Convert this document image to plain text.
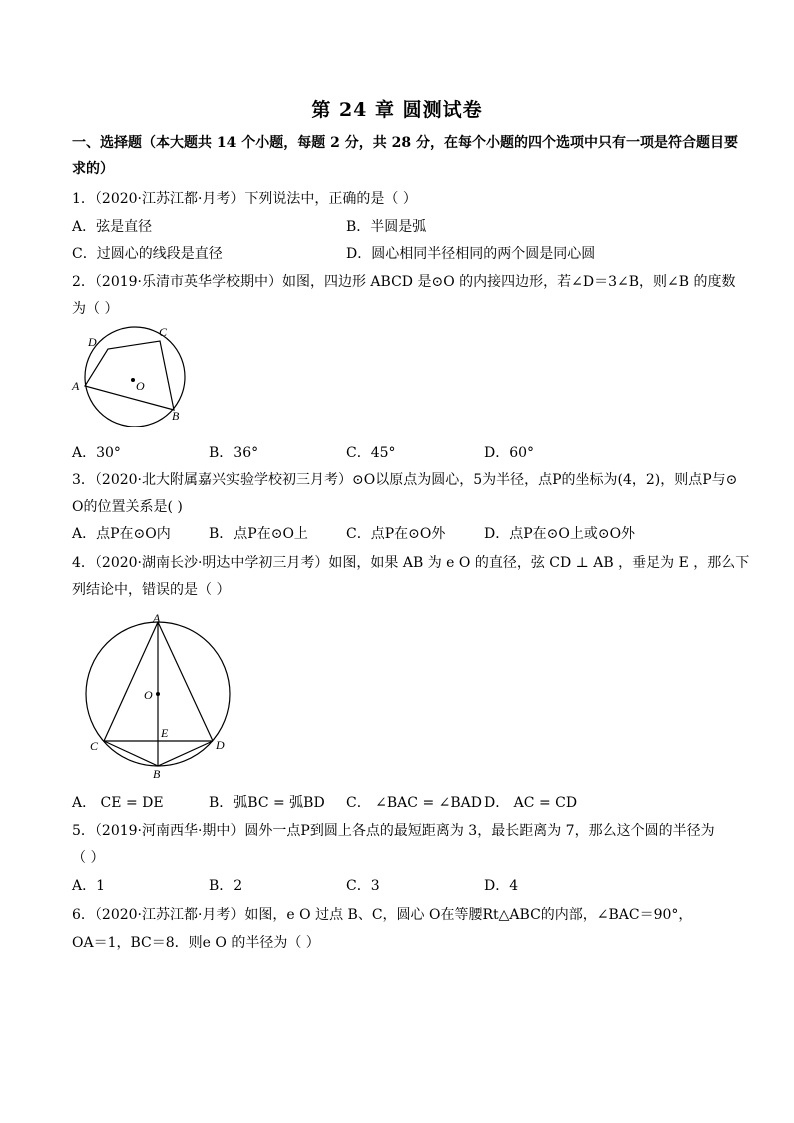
第 24 章 圆测试卷
一、选择题（本大题共 14 个小题，每题 2 分，共 28 分，在每个小题的四个选项中只有一项是符合题目要
求的）
1．（2020·江苏江都·月考）下列说法中，正确的是（ ）
A．弦是直径	B．半圆是弧
C．过圆心的线段是直径	D．圆心相同半径相同的两个圆是同心圆
2．（2019·乐清市英华学校期中）如图，四边形 ABCD 是⊙O 的内接四边形，若∠D＝3∠B，则∠B 的度数
为（ ）
D
C
A	O
B
A．30°	B．36°	C．45°	D．60°
3．（2020·北大附属嘉兴实验学校初三月考）⊙O以原点为圆心，5为半径，点P的坐标为(4，2)，则点P与⊙
O的位置关系是( )
A．点P在⊙O内	B．点P在⊙O上	C．点P在⊙O外	D．点P在⊙O上或⊙O外
4．（2020·湖南长沙·明达中学初三月考）如图，如果 AB 为 e O 的直径，弦 CD ⊥ AB ，垂足为 E ，那么下
列结论中，错误的是（ ）
A
O
E
C	D
B
A． CE = DE	B．弧BC = 弧BD C． ∠BAC = ∠BAD D． AC = CD
5．（2019·河南西华·期中）圆外一点P到圆上各点的最短距离为 3，最长距离为 7，那么这个圆的半径为
（ ）
A．1	B．2	C．3	D．4
6．（2020·江苏江都·月考）如图，e O 过点 B、C，圆心 O在等腰Rt△ABC的内部，∠BAC＝90°，
OA＝1，BC＝8．则e O 的半径为（ ）
